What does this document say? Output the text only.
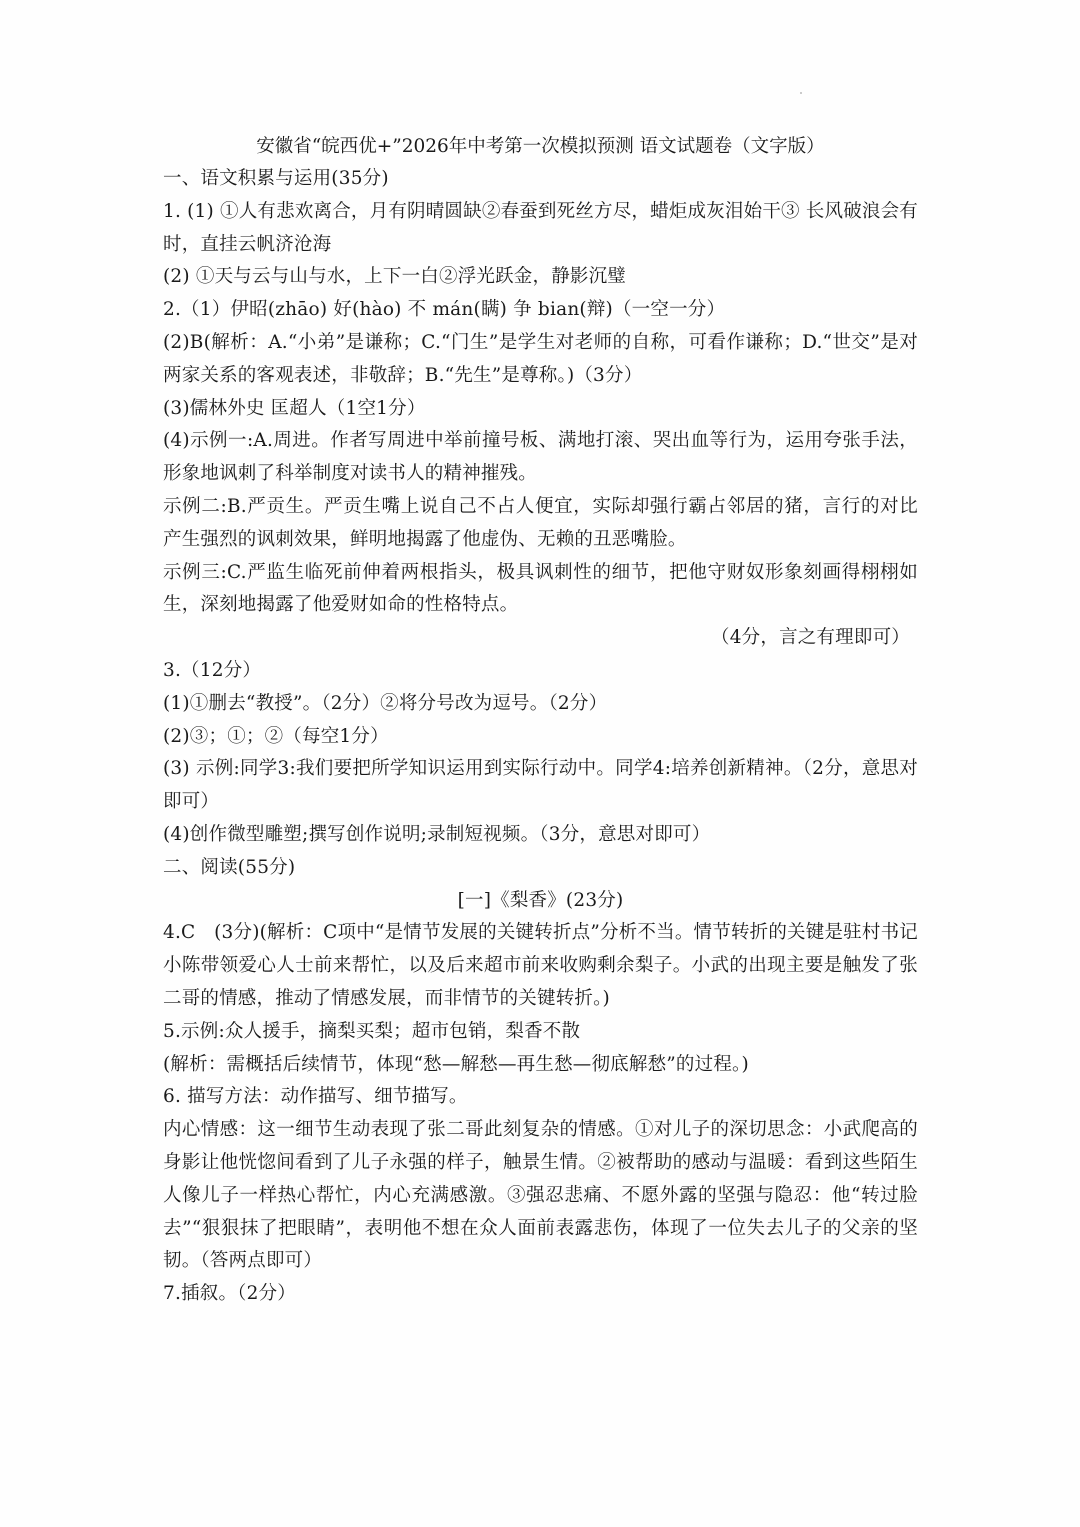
安徽省“皖西优+”2026年中考第一次模拟预测 语文试题卷（文字版）
一、语文积累与运用(35分)
1. (1) ①人有悲欢离合，月有阴晴圆缺②春蚕到死丝方尽，蜡炬成灰泪始干③ 长风破浪会有时，直挂云帆济沧海
(2) ①天与云与山与水，上下一白②浮光跃金，静影沉璧
2.（1）伊昭(zhāo) 好(hào) 不 mán(瞒) 争 bian(辩)（一空一分）
(2)B(解析：A.“小弟”是谦称；C.“门生”是学生对老师的自称，可看作谦称；D.“世交”是对两家关系的客观表述，非敬辞；B.“先生”是尊称。)（3分）
(3)儒林外史 匡超人（1空1分）
(4)示例一:A.周进。作者写周进中举前撞号板、满地打滚、哭出血等行为，运用夸张手法，形象地讽刺了科举制度对读书人的精神摧残。
示例二:B.严贡生。严贡生嘴上说自己不占人便宜，实际却强行霸占邻居的猪，言行的对比产生强烈的讽刺效果，鲜明地揭露了他虚伪、无赖的丑恶嘴脸。
示例三:C.严监生临死前伸着两根指头，极具讽刺性的细节，把他守财奴形象刻画得栩栩如生，深刻地揭露了他爱财如命的性格特点。
（4分，言之有理即可）
3.（12分）
(1)①删去“教授”。（2分）②将分号改为逗号。（2分）
(2)③；①；②（每空1分）
(3) 示例:同学3:我们要把所学知识运用到实际行动中。同学4:培养创新精神。（2分，意思对即可）
(4)创作微型雕塑;撰写创作说明;录制短视频。（3分，意思对即可）
二、阅读(55分)
[一]《梨香》(23分)
4.C　(3分)(解析：C项中“是情节发展的关键转折点”分析不当。情节转折的关键是驻村书记小陈带领爱心人士前来帮忙，以及后来超市前来收购剩余梨子。小武的出现主要是触发了张二哥的情感，推动了情感发展，而非情节的关键转折。)
5.示例:众人援手，摘梨买梨；超市包销，梨香不散
(解析：需概括后续情节，体现“愁—解愁—再生愁—彻底解愁”的过程。)
6. 描写方法：动作描写、细节描写。
内心情感：这一细节生动表现了张二哥此刻复杂的情感。①对儿子的深切思念：小武爬高的身影让他恍惚间看到了儿子永强的样子，触景生情。②被帮助的感动与温暖：看到这些陌生人像儿子一样热心帮忙，内心充满感激。③强忍悲痛、不愿外露的坚强与隐忍：他“转过脸去”“狠狠抹了把眼睛”，表明他不想在众人面前表露悲伤，体现了一位失去儿子的父亲的坚韧。（答两点即可）
7.插叙。（2分）
